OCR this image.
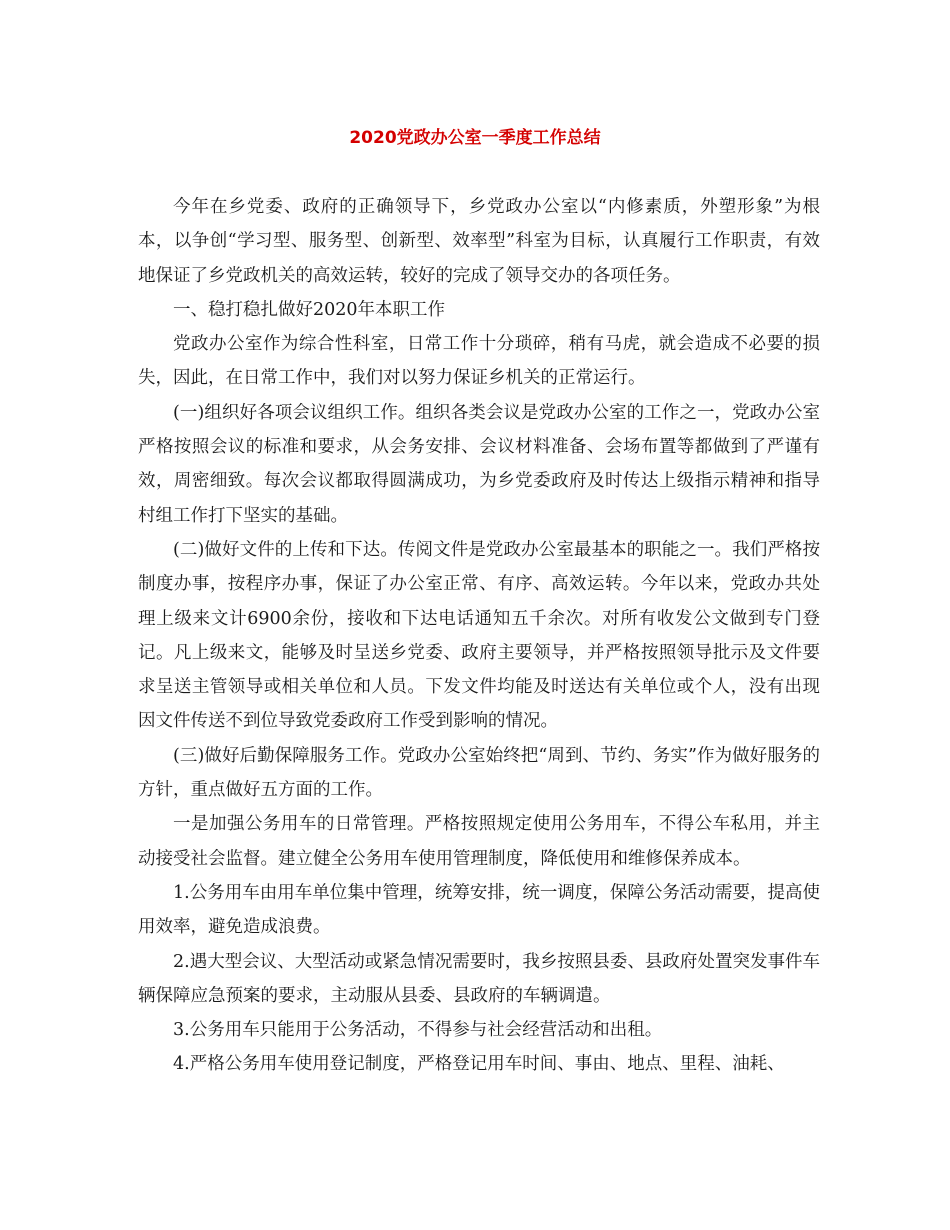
2020党政办公室一季度工作总结

今年在乡党委、政府的正确领导下，乡党政办公室以“内修素质，外塑形象”为根本，以争创“学习型、服务型、创新型、效率型”科室为目标，认真履行工作职责，有效地保证了乡党政机关的高效运转，较好的完成了领导交办的各项任务。

一、稳打稳扎做好2020年本职工作

党政办公室作为综合性科室，日常工作十分琐碎，稍有马虎，就会造成不必要的损失，因此，在日常工作中，我们对以努力保证乡机关的正常运行。

(一)组织好各项会议组织工作。组织各类会议是党政办公室的工作之一，党政办公室严格按照会议的标准和要求，从会务安排、会议材料准备、会场布置等都做到了严谨有效，周密细致。每次会议都取得圆满成功，为乡党委政府及时传达上级指示精神和指导村组工作打下坚实的基础。

(二)做好文件的上传和下达。传阅文件是党政办公室最基本的职能之一。我们严格按制度办事，按程序办事，保证了办公室正常、有序、高效运转。今年以来，党政办共处理上级来文计6900余份，接收和下达电话通知五千余次。对所有收发公文做到专门登记。凡上级来文，能够及时呈送乡党委、政府主要领导，并严格按照领导批示及文件要求呈送主管领导或相关单位和人员。下发文件均能及时送达有关单位或个人，没有出现因文件传送不到位导致党委政府工作受到影响的情况。

(三)做好后勤保障服务工作。党政办公室始终把“周到、节约、务实”作为做好服务的方针，重点做好五方面的工作。

一是加强公务用车的日常管理。严格按照规定使用公务用车，不得公车私用，并主动接受社会监督。建立健全公务用车使用管理制度，降低使用和维修保养成本。

1.公务用车由用车单位集中管理，统筹安排，统一调度，保障公务活动需要，提高使用效率，避免造成浪费。

2.遇大型会议、大型活动或紧急情况需要时，我乡按照县委、县政府处置突发事件车辆保障应急预案的要求，主动服从县委、县政府的车辆调遣。

3.公务用车只能用于公务活动，不得参与社会经营活动和出租。

4.严格公务用车使用登记制度，严格登记用车时间、事由、地点、里程、油耗、
